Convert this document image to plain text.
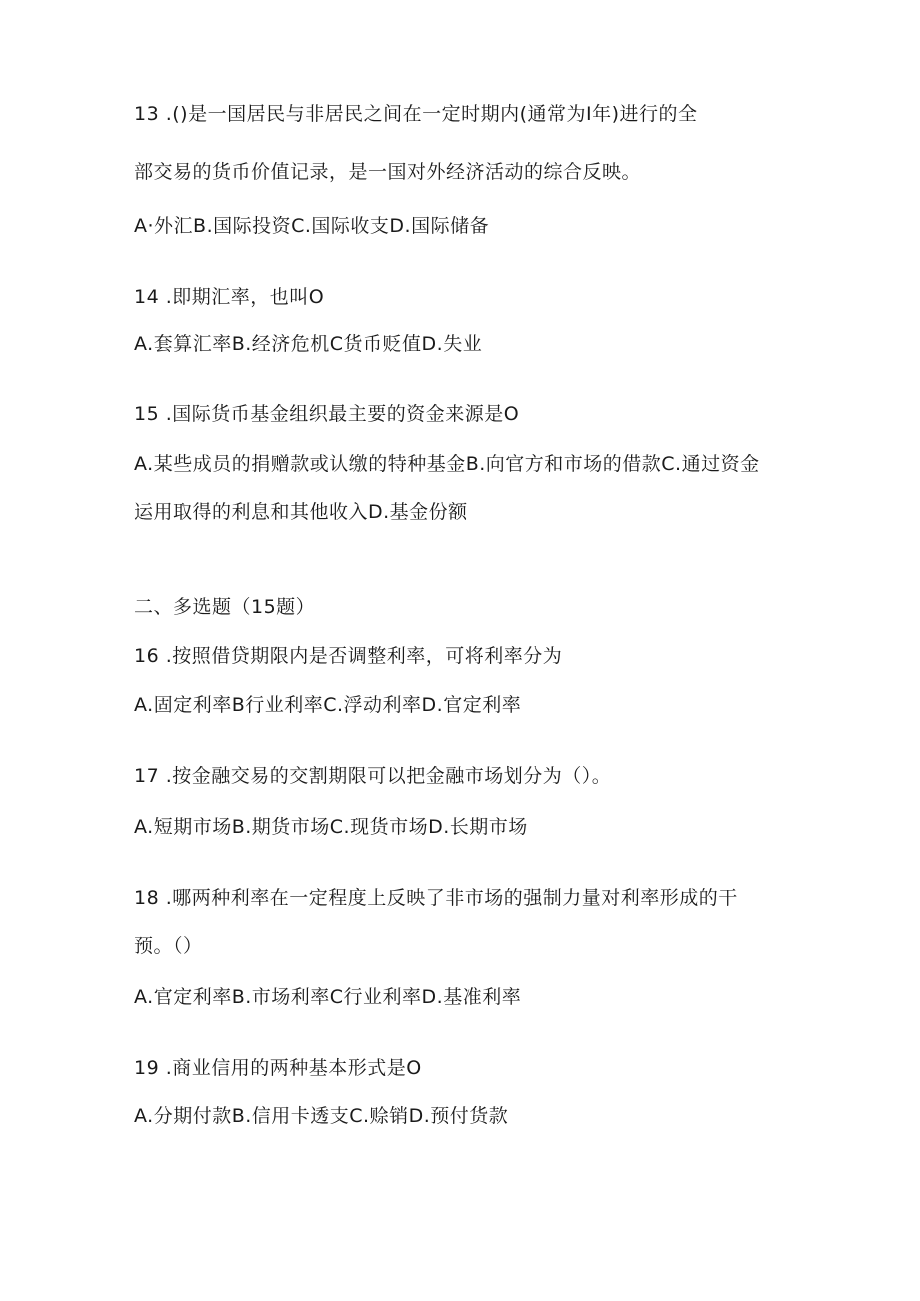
13 .()是一国居民与非居民之间在一定时期内(通常为I年)进行的全
部交易的货币价值记录，是一国对外经济活动的综合反映。
A·外汇B.国际投资C.国际收支D.国际储备
14 .即期汇率，也叫O
A.套算汇率B.经济危机C货币贬值D.失业
15 .国际货币基金组织最主要的资金来源是O
A.某些成员的捐赠款或认缴的特种基金B.向官方和市场的借款C.通过资金
运用取得的利息和其他收入D.基金份额
二、多选题（15题）
16 .按照借贷期限内是否调整利率，可将利率分为
A.固定利率B行业利率C.浮动利率D.官定利率
17 .按金融交易的交割期限可以把金融市场划分为（）。
A.短期市场B.期货市场C.现货市场D.长期市场
18 .哪两种利率在一定程度上反映了非市场的强制力量对利率形成的干
预。（）
A.官定利率B.市场利率C行业利率D.基准利率
19 .商业信用的两种基本形式是O
A.分期付款B.信用卡透支C.赊销D.预付货款
